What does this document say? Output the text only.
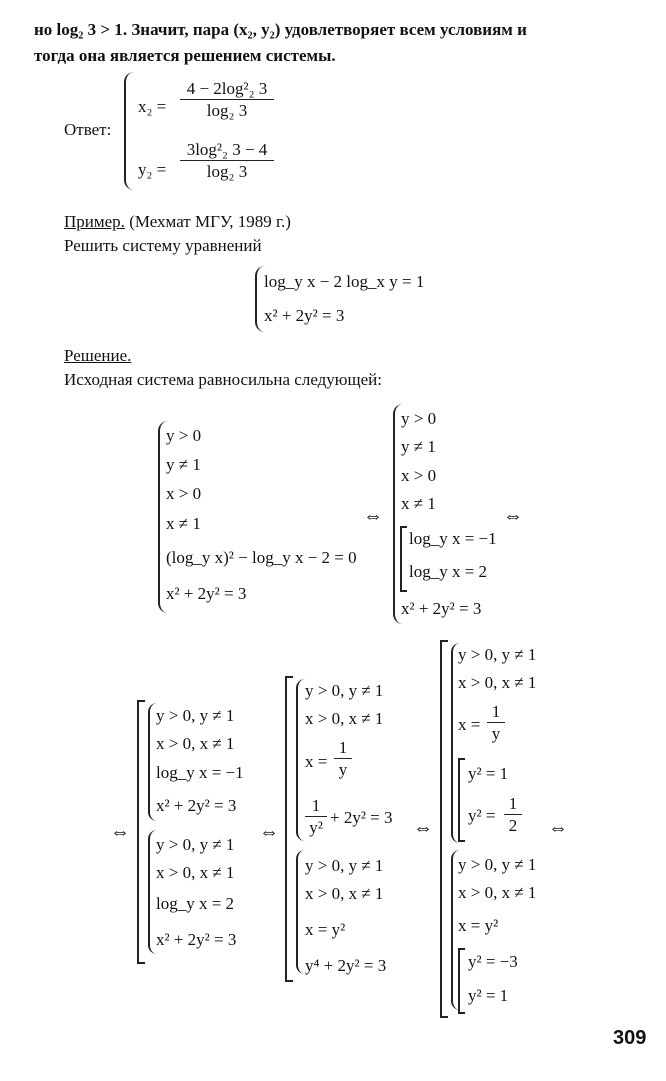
но log₂ 3 > 1. Значит, пара (x₂, y₂) удовлетворяет всем условиям и
тогда она является решением системы.
Ответ:
x₂ =
4 − 2log²₂ 3
log₂ 3
y₂ =
3log²₂ 3 − 4
log₂ 3
Пример. (Мехмат МГУ, 1989 г.)
Решить систему уравнений
log_y x − 2 log_x y = 1
x² + 2y² = 3
Решение.
Исходная система равносильна следующей:
y > 0
y ≠ 1
x > 0
x ≠ 1
(log_y x)² − log_y x − 2 = 0
x² + 2y² = 3
⇔
y > 0
y ≠ 1
x > 0
x ≠ 1
log_y x = −1
log_y x = 2
x² + 2y² = 3
⇔
⇔
y > 0, y ≠ 1
x > 0, x ≠ 1
log_y x = −1
x² + 2y² = 3
y > 0, y ≠ 1
x > 0, x ≠ 1
log_y x = 2
x² + 2y² = 3
⇔
y > 0, y ≠ 1
x > 0, x ≠ 1
x =
1
y
1
y²
+ 2y² = 3
y > 0, y ≠ 1
x > 0, x ≠ 1
x = y²
y⁴ + 2y² = 3
⇔
y > 0, y ≠ 1
x > 0, x ≠ 1
x =
1
y
y² = 1
y² =
1
2 ⇔
y > 0, y ≠ 1
x > 0, x ≠ 1
x = y²
y² = −3
y² = 1
309
